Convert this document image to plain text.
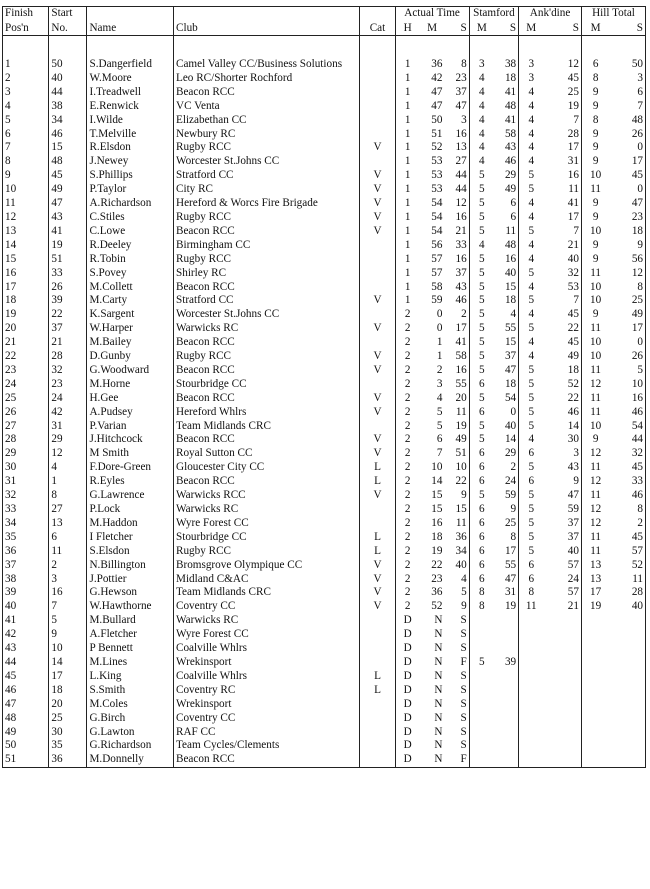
Finish	Start				Actual Time			Stamford		Ank'dine		Hill Total	
Pos'n	No.	Name	Club	Cat	H	M	S	M	S	M	S	M	S

1	50	S.Dangerfield	Camel Valley CC/Business Solutions		1	36	8	3	38	3	12	6	50
2	40	W.Moore	Leo RC/Shorter Rochford		1	42	23	4	18	3	45	8	3
3	44	I.Treadwell	Beacon RCC		1	47	37	4	41	4	25	9	6
4	38	E.Renwick	VC Venta		1	47	47	4	48	4	19	9	7
5	34	I.Wilde	Elizabethan CC		1	50	3	4	41	4	7	8	48
6	46	T.Melville	Newbury RC		1	51	16	4	58	4	28	9	26
7	15	R.Elsdon	Rugby RCC	V	1	52	13	4	43	4	17	9	0
8	48	J.Newey	Worcester St.Johns CC		1	53	27	4	46	4	31	9	17
9	45	S.Phillips	Stratford CC	V	1	53	44	5	29	5	16	10	45
10	49	P.Taylor	City RC	V	1	53	44	5	49	5	11	11	0
11	47	A.Richardson	Hereford & Worcs Fire Brigade	V	1	54	12	5	6	4	41	9	47
12	43	C.Stiles	Rugby RCC	V	1	54	16	5	6	4	17	9	23
13	41	C.Lowe	Beacon RCC	V	1	54	21	5	11	5	7	10	18
14	19	R.Deeley	Birmingham CC		1	56	33	4	48	4	21	9	9
15	51	R.Tobin	Rugby RCC		1	57	16	5	16	4	40	9	56
16	33	S.Povey	Shirley RC		1	57	37	5	40	5	32	11	12
17	26	M.Collett	Beacon RCC		1	58	43	5	15	4	53	10	8
18	39	M.Carty	Stratford CC	V	1	59	46	5	18	5	7	10	25
19	22	K.Sargent	Worcester St.Johns CC		2	0	2	5	4	4	45	9	49
20	37	W.Harper	Warwicks RC	V	2	0	17	5	55	5	22	11	17
21	21	M.Bailey	Beacon RCC		2	1	41	5	15	4	45	10	0
22	28	D.Gunby	Rugby RCC	V	2	1	58	5	37	4	49	10	26
23	32	G.Woodward	Beacon RCC	V	2	2	16	5	47	5	18	11	5
24	23	M.Horne	Stourbridge CC		2	3	55	6	18	5	52	12	10
25	24	H.Gee	Beacon RCC	V	2	4	20	5	54	5	22	11	16
26	42	A.Pudsey	Hereford Whlrs	V	2	5	11	6	0	5	46	11	46
27	31	P.Varian	Team Midlands CRC		2	5	19	5	40	5	14	10	54
28	29	J.Hitchcock	Beacon RCC	V	2	6	49	5	14	4	30	9	44
29	12	M Smith	Royal Sutton CC	V	2	7	51	6	29	6	3	12	32
30	4	F.Dore-Green	Gloucester City CC	L	2	10	10	6	2	5	43	11	45
31	1	R.Eyles	Beacon RCC	L	2	14	22	6	24	6	9	12	33
32	8	G.Lawrence	Warwicks RCC	V	2	15	9	5	59	5	47	11	46
33	27	P.Lock	Warwicks RC		2	15	15	6	9	5	59	12	8
34	13	M.Haddon	Wyre Forest CC		2	16	11	6	25	5	37	12	2
35	6	I Fletcher	Stourbridge CC	L	2	18	36	6	8	5	37	11	45
36	11	S.Elsdon	Rugby RCC	L	2	19	34	6	17	5	40	11	57
37	2	N.Billington	Bromsgrove Olympique CC	V	2	22	40	6	55	6	57	13	52
38	3	J.Pottier	Midland C&AC	V	2	23	4	6	47	6	24	13	11
39	16	G.Hewson	Team Midlands CRC	V	2	36	5	8	31	8	57	17	28
40	7	W.Hawthorne	Coventry CC	V	2	52	9	8	19	11	21	19	40
41	5	M.Bullard	Warwicks RC		D	N	S						
42	9	A.Fletcher	Wyre Forest CC		D	N	S						
43	10	P Bennett	Coalville Whlrs		D	N	S						
44	14	M.Lines	Wrekinsport		D	N	F	5	39				
45	17	L.King	Coalville Whlrs	L	D	N	S						
46	18	S.Smith	Coventry RC	L	D	N	S						
47	20	M.Coles	Wrekinsport		D	N	S						
48	25	G.Birch	Coventry CC		D	N	S						
49	30	G.Lawton	RAF CC		D	N	S						
50	35	G.Richardson	Team Cycles/Clements		D	N	S						
51	36	M.Donnelly	Beacon RCC		D	N	F						
